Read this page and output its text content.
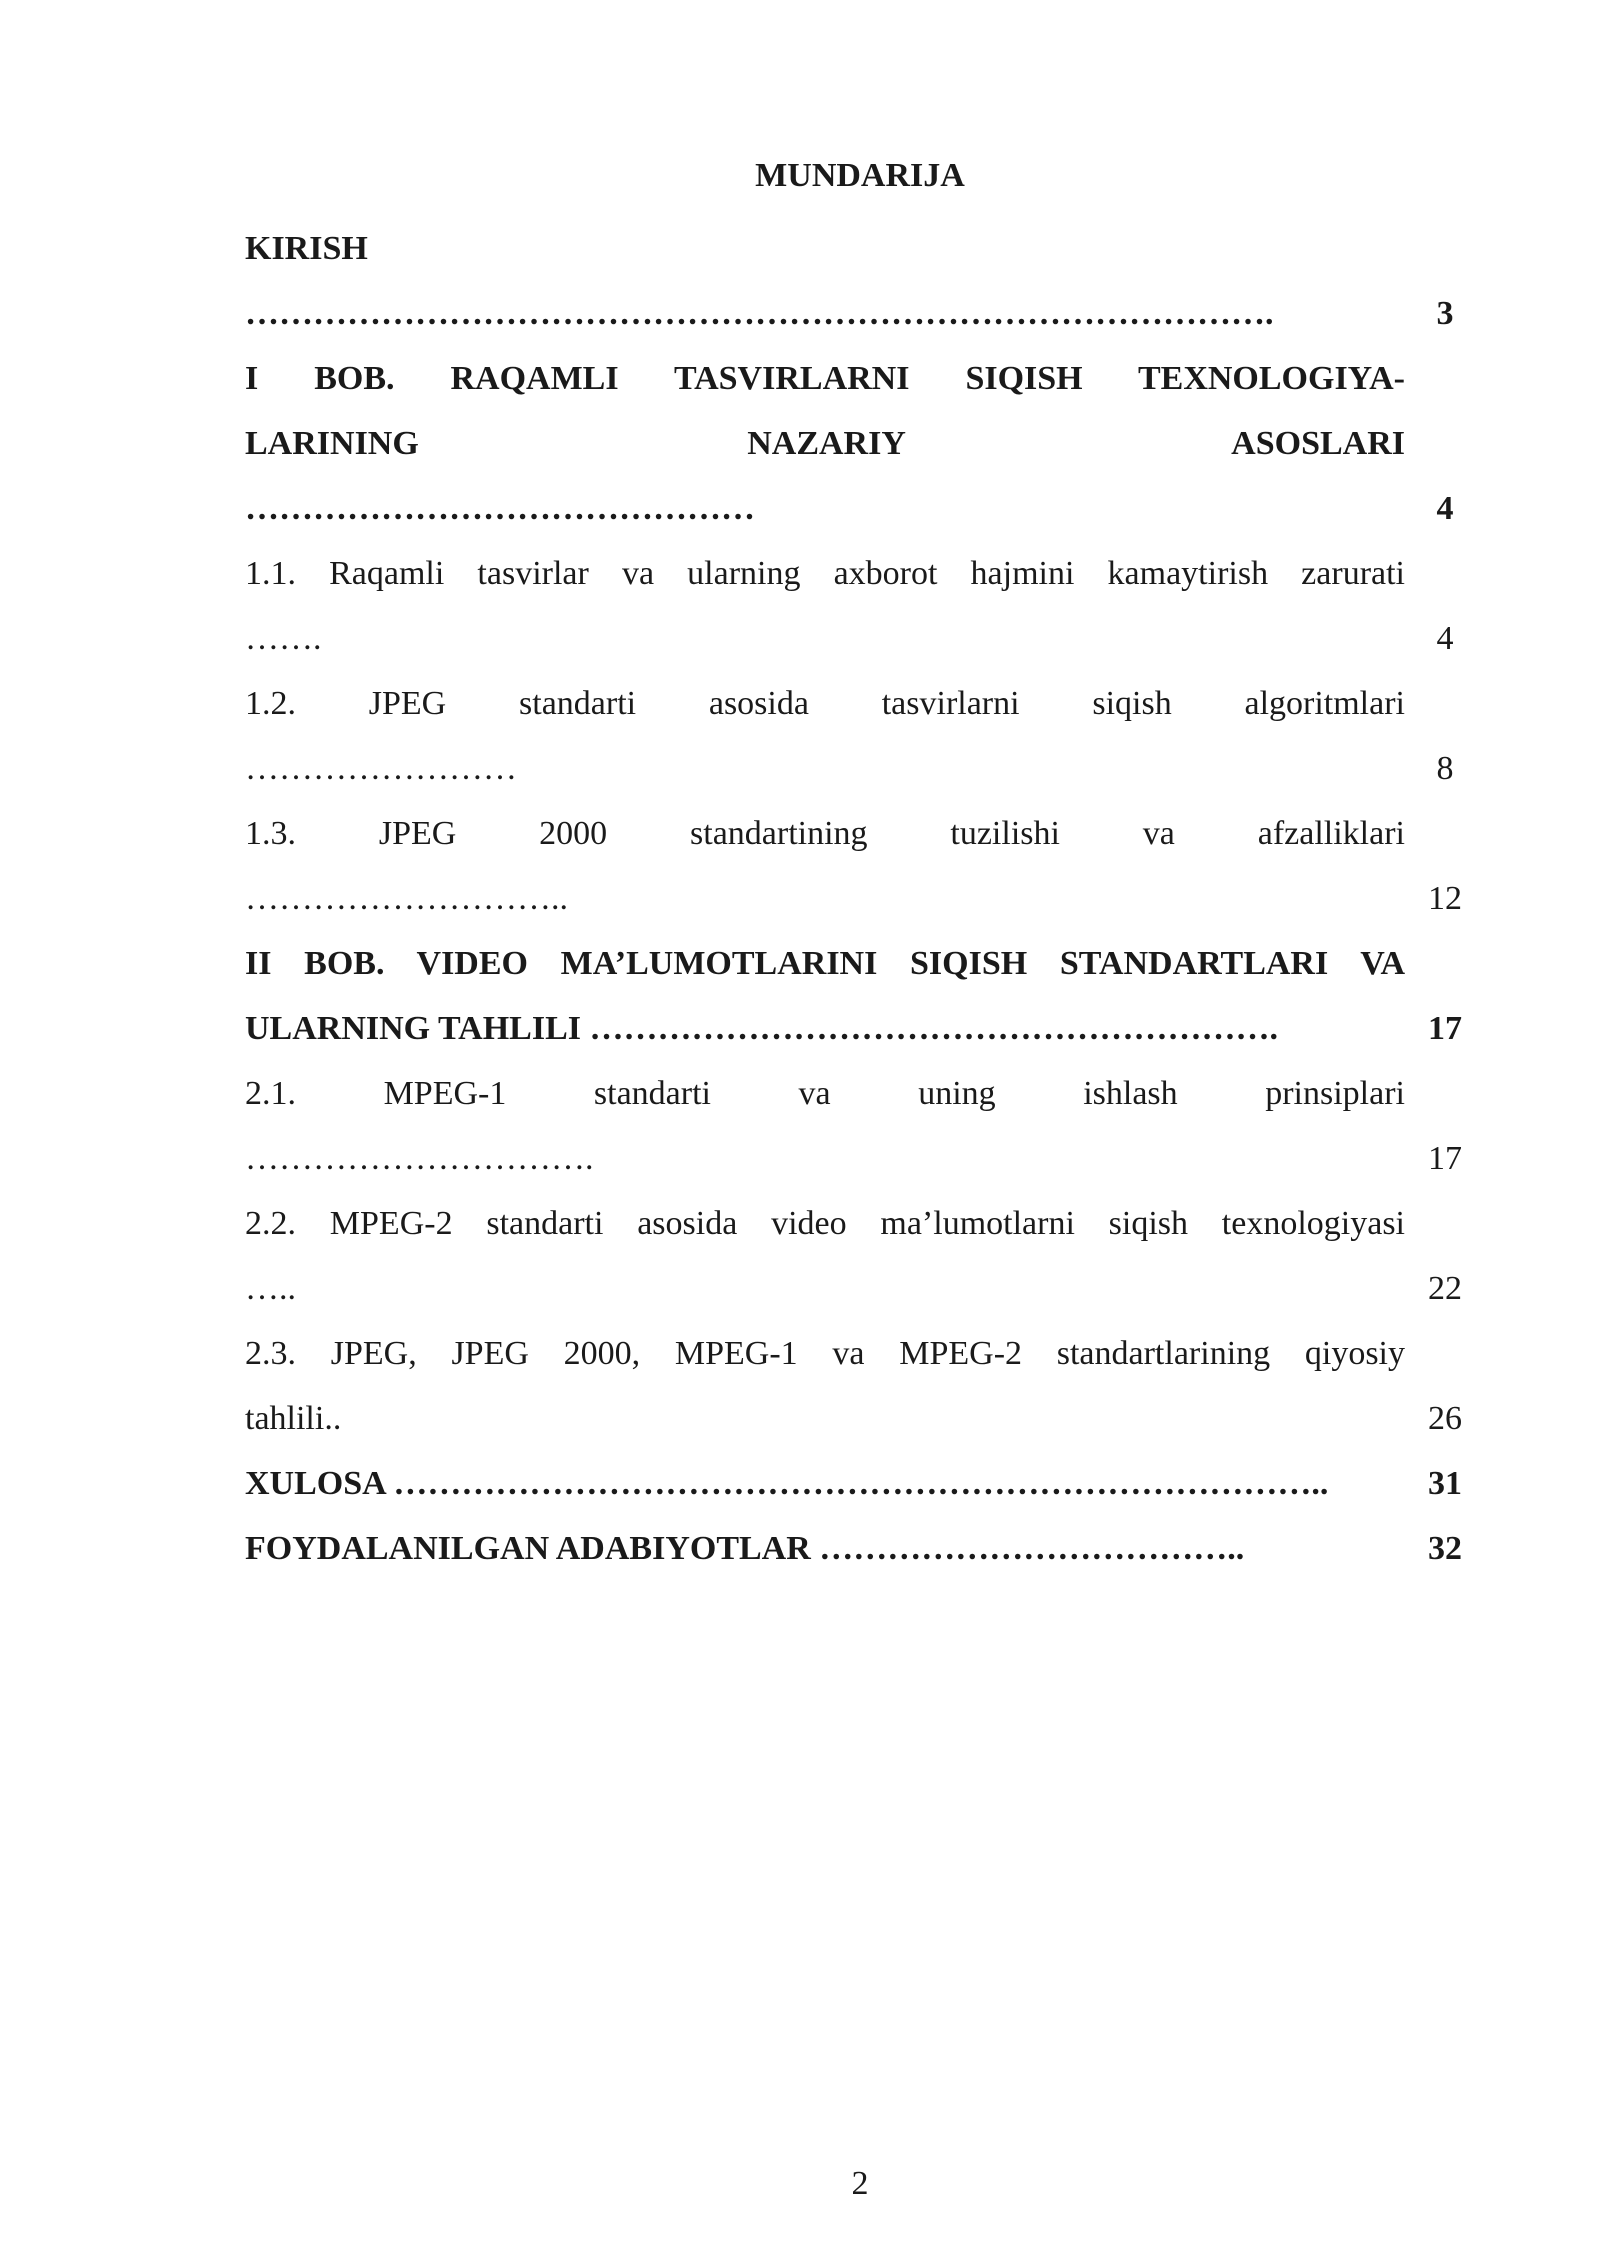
MUNDARIJA
KIRISH
……………………………………………………………………………….	3
I BOB. RAQAMLI TASVIRLARNI SIQISH TEXNOLOGIYA-
LARINING NAZARIY ASOSLARI
………………………………………	4
1.1. Raqamli tasvirlar va ularning axborot hajmini kamaytirish zarurati
…….	4
1.2. JPEG standarti asosida tasvirlarni siqish algoritmlari
……………………	8
1.3. JPEG 2000 standartining tuzilishi va afzalliklari
………………………..	12
II BOB. VIDEO MA’LUMOTLARINI SIQISH STANDARTLARI VA
ULARNING TAHLILI …………………………………………………….	17
2.1. MPEG-1 standarti va uning ishlash prinsiplari
………………………….	17
2.2. MPEG-2 standarti asosida video ma’lumotlarni siqish texnologiyasi
…..	22
2.3. JPEG, JPEG 2000, MPEG-1 va MPEG-2 standartlarining qiyosiy
tahlili..	26
XULOSA ………………………………………………………………………..	31
FOYDALANILGAN ADABIYOTLAR ………………………………..	32
2
